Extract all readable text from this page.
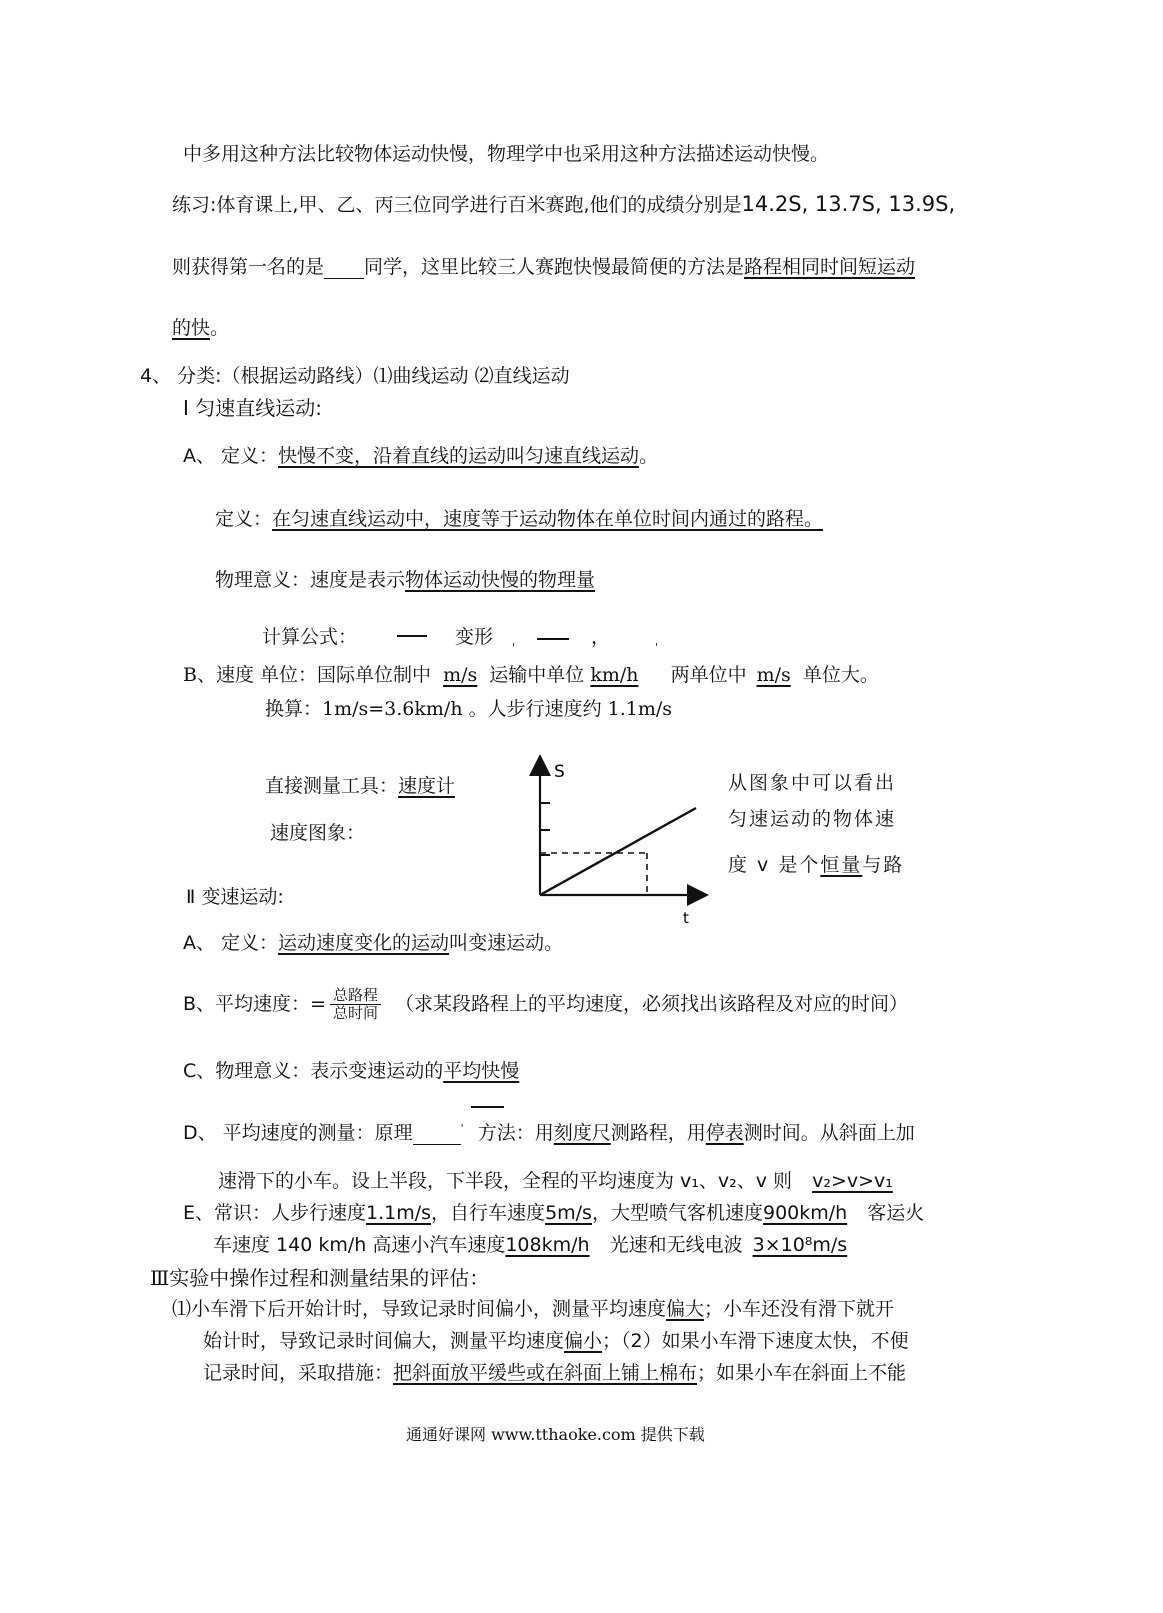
中多用这种方法比较物体运动快慢，物理学中也采用这种方法描述运动快慢。
练习:体育课上,甲、乙、丙三位同学进行百米赛跑,他们的成绩分别是14.2S, 13.7S, 13.9S,
则获得第一名的是 同学，这里比较三人赛跑快慢最简便的方法是路程相同时间短运动
的快。
4、 分类:（根据运动路线）⑴曲线运动 ⑵直线运动
Ⅰ 匀速直线运动:
A、 定义：快慢不变，沿着直线的运动叫匀速直线运动。
定义：在匀速直线运动中，速度等于运动物体在单位时间内通过的路程。
物理意义：速度是表示物体运动快慢的物理量
计算公式：	变形 '	，	'
B、速度 单位：国际单位制中 m/s 运输中单位 km/h 两单位中 m/s 单位大。
换算：1m/s=3.6km/h 。人步行速度约 1.1m/s
直接测量工具：速度计
速度图象：
S
t
从图象中可以看出
匀速运动的物体速
度 v 是个恒量与路
Ⅱ 变速运动:
A、 定义：运动速度变化的运动叫变速运动。
B、平均速度：= $\frac{\text{总路程}}{\text{总时间}}$ （求某段路程上的平均速度，必须找出该路程及对应的时间）
C、物理意义：表示变速运动的平均快慢
D、 平均速度的测量：原理	' 方法：用刻度尺测路程，用停表测时间。从斜面上加
速滑下的小车。设上半段，下半段，全程的平均速度为 v₁、v₂、v 则 v₂>v>v₁
E、常识：人步行速度1.1m/s，自行车速度5m/s，大型喷气客机速度900km/h 客运火
车速度 140 km/h 高速小汽车速度108km/h 光速和无线电波 3×10⁸m/s
Ⅲ实验中操作过程和测量结果的评估：
⑴小车滑下后开始计时，导致记录时间偏小，测量平均速度偏大；小车还没有滑下就开
始计时，导致记录时间偏大，测量平均速度偏小；（2）如果小车滑下速度太快，不便
记录时间，采取措施：把斜面放平缓些或在斜面上铺上棉布；如果小车在斜面上不能
通通好课网 www.tthaoke.com 提供下载
